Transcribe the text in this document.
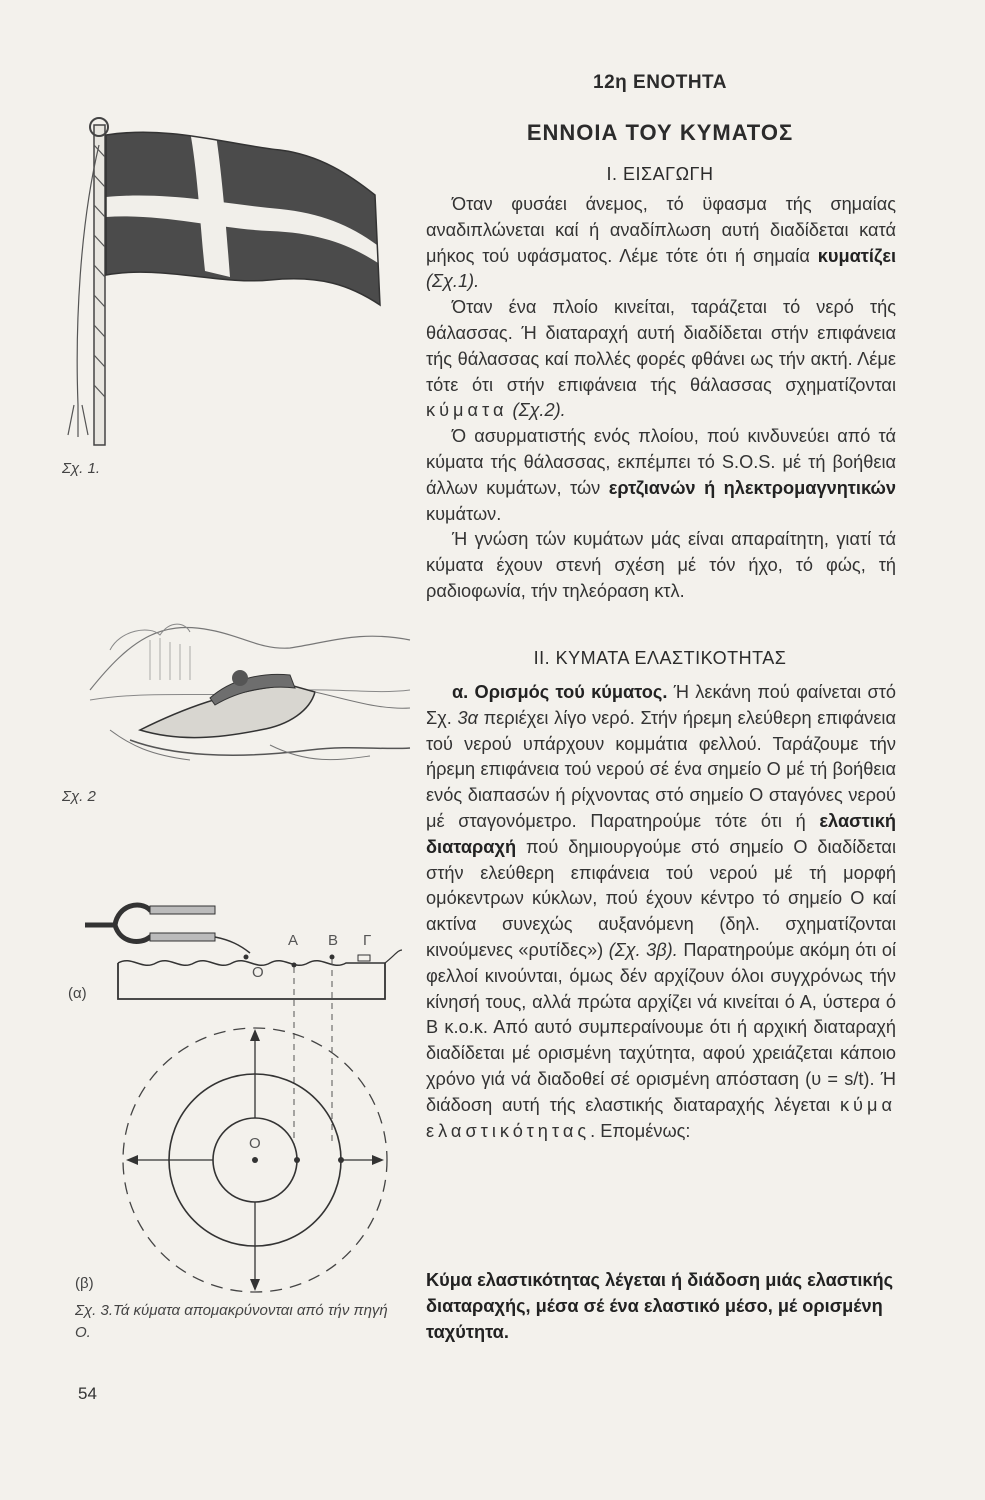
12η ΕΝΟΤΗΤΑ
ΕΝΝΟΙΑ ΤΟΥ ΚΥΜΑΤΟΣ
Ι. ΕΙΣΑΓΩΓΗ

Όταν φυσάει άνεμος, τό ϋφασμα τής σημαίας αναδιπλώνεται καί ή αναδίπλωση αυτή διαδίδεται κατά μήκος τού υφάσματος. Λέμε τότε ότι ή σημαία κυματίζει (Σχ.1).

Όταν ένα πλοίο κινείται, ταράζεται τό νερό τής θάλασσας. Ή διαταραχή αυτή διαδίδεται στήν επιφάνεια τής θάλασσας καί πολλές φορές φθάνει ως τήν ακτή. Λέμε τότε ότι στήν επιφάνεια τής θάλασσας σχηματίζονται κύματα (Σχ.2).

Ό ασυρματιστής ενός πλοίου, πού κινδυνεύει από τά κύματα τής θάλασσας, εκπέμπει τό S.O.S. μέ τή βοήθεια άλλων κυμάτων, τών ερτζιανών ή ηλεκτρομαγνητικών κυμάτων.

Ή γνώση τών κυμάτων μάς είναι απαραίτητη, γιατί τά κύματα έχουν στενή σχέση μέ τόν ήχο, τό φώς, τή ραδιοφωνία, τήν τηλεόραση κτλ.

ΙΙ. ΚΥΜΑΤΑ ΕΛΑΣΤΙΚΟΤΗΤΑΣ

α. Ορισμός τού κύματος. Ή λεκάνη πού φαίνεται στό Σχ. 3α περιέχει λίγο νερό. Στήν ήρεμη ελεύθερη επιφάνεια τού νερού υπάρχουν κομμάτια φελλού. Ταράζουμε τήν ήρεμη επιφάνεια τού νερού σέ ένα σημείο Ο μέ τή βοήθεια ενός διαπασών ή ρίχνοντας στό σημείο Ο σταγόνες νερού μέ σταγονόμετρο. Παρατηρούμε τότε ότι ή ελαστική διαταραχή πού δημιουργούμε στό σημείο Ο διαδίδεται στήν ελεύθερη επιφάνεια τού νερού μέ τή μορφή ομόκεντρων κύκλων, πού έχουν κέντρο τό σημείο Ο καί ακτίνα συνεχώς αυξανόμενη (δηλ. σχηματίζονται κινούμενες «ρυτίδες») (Σχ. 3β). Παρατηρούμε ακόμη ότι οί φελλοί κινούνται, όμως δέν αρχίζουν όλοι συγχρόνως τήν κίνησή τους, αλλά πρώτα αρχίζει νά κινείται ό Α, ύστερα ό Β κ.ο.κ. Από αυτό συμπεραίνουμε ότι ή αρχική διαταραχή διαδίδεται μέ ορισμένη ταχύτητα, αφού χρειάζεται κάποιο χρόνο γιά νά διαδοθεί σέ ορισμένη απόσταση (υ = s/t). Ή διάδοση αυτή τής ελαστικής διαταραχής λέγεται κύμα ελαστικότητας. Επομένως:

Κύμα ελαστικότητας λέγεται ή διάδοση μιάς ελαστικής διαταραχής, μέσα σέ ένα ελαστικό μέσο, μέ ορισμένη ταχύτητα.
Σχ. 1.
Σχ. 2
Ο
Α Β Γ
(α)
Ο
(β)
Σχ. 3.Τά κύματα απομακρύνονται από τήν πηγή Ο.
54
